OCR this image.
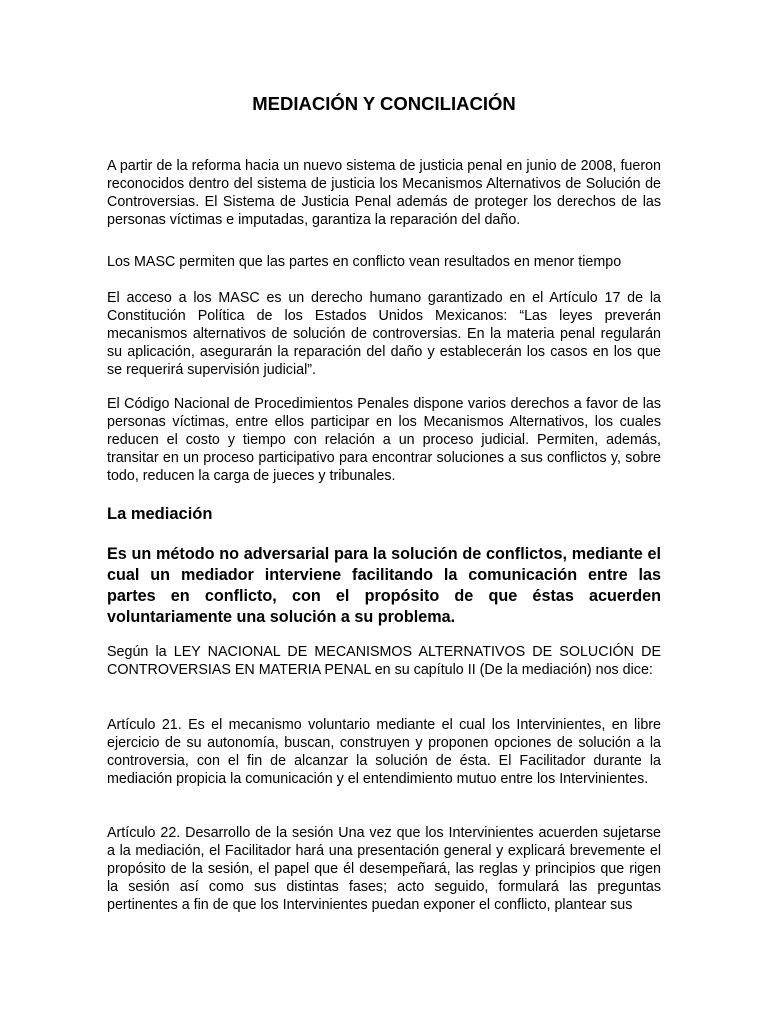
MEDIACIÓN Y CONCILIACIÓN

A partir de la reforma hacia un nuevo sistema de justicia penal en junio de 2008, fueron reconocidos dentro del sistema de justicia los Mecanismos Alternativos de Solución de Controversias. El Sistema de Justicia Penal además de proteger los derechos de las personas víctimas e imputadas, garantiza la reparación del daño.

Los MASC permiten que las partes en conflicto vean resultados en menor tiempo

El acceso a los MASC es un derecho humano garantizado en el Artículo 17 de la Constitución Política de los Estados Unidos Mexicanos: “Las leyes preverán mecanismos alternativos de solución de controversias. En la materia penal regularán su aplicación, asegurarán la reparación del daño y establecerán los casos en los que se requerirá supervisión judicial”.

El Código Nacional de Procedimientos Penales dispone varios derechos a favor de las personas víctimas, entre ellos participar en los Mecanismos Alternativos, los cuales reducen el costo y tiempo con relación a un proceso judicial. Permiten, además, transitar en un proceso participativo para encontrar soluciones a sus conflictos y, sobre todo, reducen la carga de jueces y tribunales.

La mediación

Es un método no adversarial para la solución de conflictos, mediante el cual un mediador interviene facilitando la comunicación entre las partes en conflicto, con el propósito de que éstas acuerden voluntariamente una solución a su problema.

Según la LEY NACIONAL DE MECANISMOS ALTERNATIVOS DE SOLUCIÓN DE CONTROVERSIAS EN MATERIA PENAL en su capítulo II (De la mediación) nos dice:

Artículo 21. Es el mecanismo voluntario mediante el cual los Intervinientes, en libre ejercicio de su autonomía, buscan, construyen y proponen opciones de solución a la controversia, con el fin de alcanzar la solución de ésta. El Facilitador durante la mediación propicia la comunicación y el entendimiento mutuo entre los Intervinientes.

Artículo 22. Desarrollo de la sesión Una vez que los Intervinientes acuerden sujetarse a la mediación, el Facilitador hará una presentación general y explicará brevemente el propósito de la sesión, el papel que él desempeñará, las reglas y principios que rigen la sesión así como sus distintas fases; acto seguido, formulará las preguntas pertinentes a fin de que los Intervinientes puedan exponer el conflicto, plantear sus
